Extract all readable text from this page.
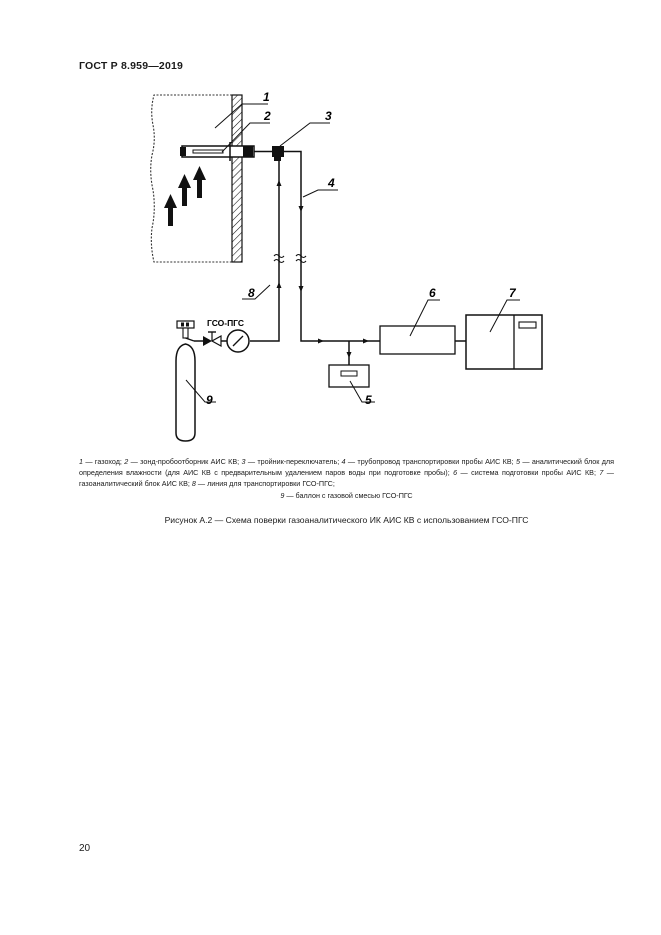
ГОСТ Р 8.959—2019
1
2	3
4
8	6	7
5
9
ГСО-ПГС
1 — газоход; 2 — зонд-пробоотборник АИС КВ; 3 — тройник-переключатель; 4 — трубопровод транспортировки пробы АИС КВ; 5 — аналитический блок для определения влажности (для АИС КВ с предварительным удалением паров воды при подготовке пробы); 6 — система подготовки пробы АИС КВ; 7 — газоаналитический блок АИС КВ; 8 — линия для транспортировки ГСО-ПГС;
9 — баллон с газовой смесью ГСО-ПГС
Рисунок А.2 — Схема поверки газоаналитического ИК АИС КВ с использованием ГСО-ПГС
20
